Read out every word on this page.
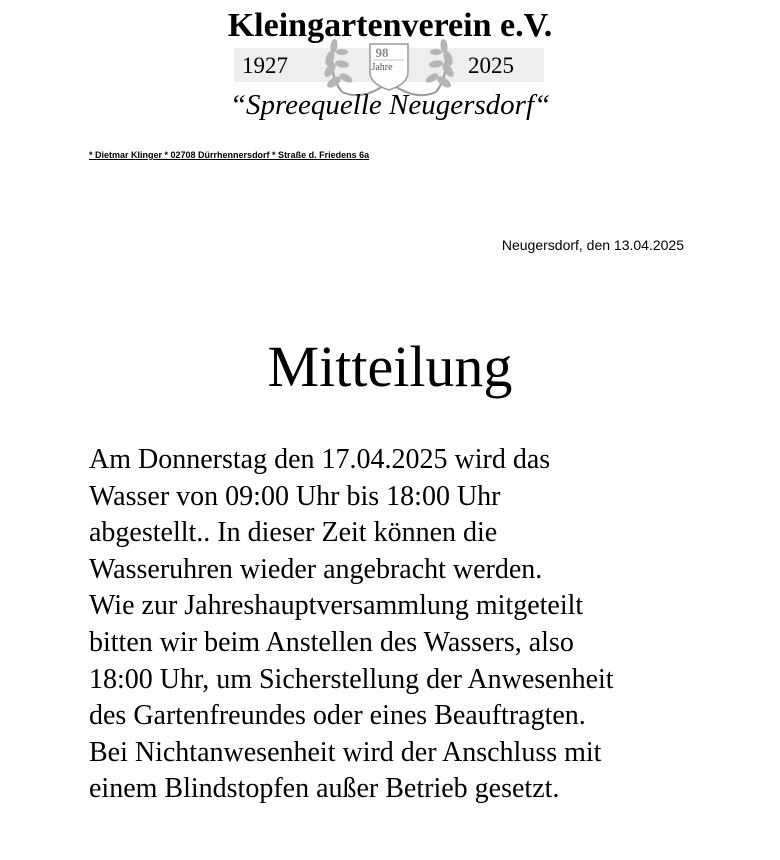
Kleingartenverein e.V.
1927
98
Jahre	2025
“Spreequelle Neugersdorf“
* Dietmar Klinger * 02708 Dürrhennersdorf * Straße d. Friedens 6a
Neugersdorf, den 13.04.2025
Mitteilung

Am Donnerstag den 17.04.2025 wird das

Wasser von 09:00 Uhr bis 18:00 Uhr

abgestellt.. In dieser Zeit können die

Wasseruhren wieder angebracht werden.

Wie zur Jahreshauptversammlung mitgeteilt

bitten wir beim Anstellen des Wassers, also

18:00 Uhr, um Sicherstellung der Anwesenheit

des Gartenfreundes oder eines Beauftragten.

Bei Nichtanwesenheit wird der Anschluss mit

einem Blindstopfen außer Betrieb gesetzt.
